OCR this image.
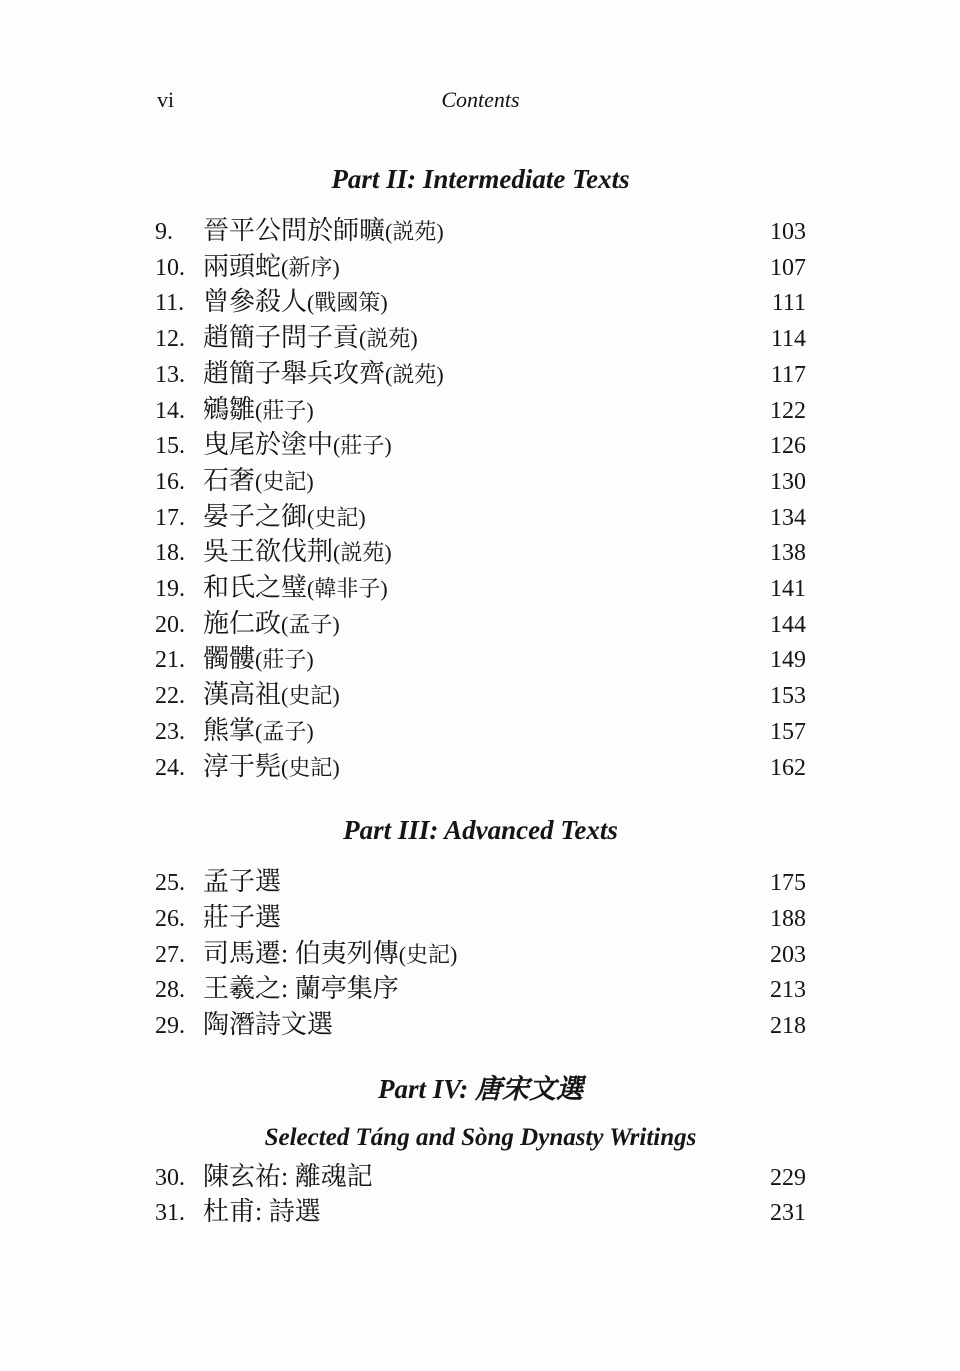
vi	Contents
Part II: Intermediate Texts
9.	晉平公問於師曠(説苑)	103
10. 兩頭蛇(新序)	107
11. 曾參殺人(戰國策)	111
12. 趙簡子問子貢(説苑)	114
13. 趙簡子舉兵攻齊(説苑)	117
14. 鵷雛(莊子)	122
15. 曳尾於塗中(莊子)	126
16. 石奢(史記)	130
17. 晏子之御(史記)	134
18. 吳王欲伐荆(説苑)	138
19. 和氏之璧(韓非子)	141
20. 施仁政(孟子)	144
21. 髑髏(莊子)	149
22. 漢高祖(史記)	153
23. 熊掌(孟子)	157
24. 淳于髡(史記)	162
Part III: Advanced Texts
25. 孟子選	175
26. 莊子選	188
27. 司馬遷: 伯夷列傳(史記)	203
28. 王羲之: 蘭亭集序	213
29. 陶潛詩文選	218
Part IV: 唐宋文選
Selected Táng and Sòng Dynasty Writings
30. 陳玄祐: 離魂記	229
31. 杜甫: 詩選	231
